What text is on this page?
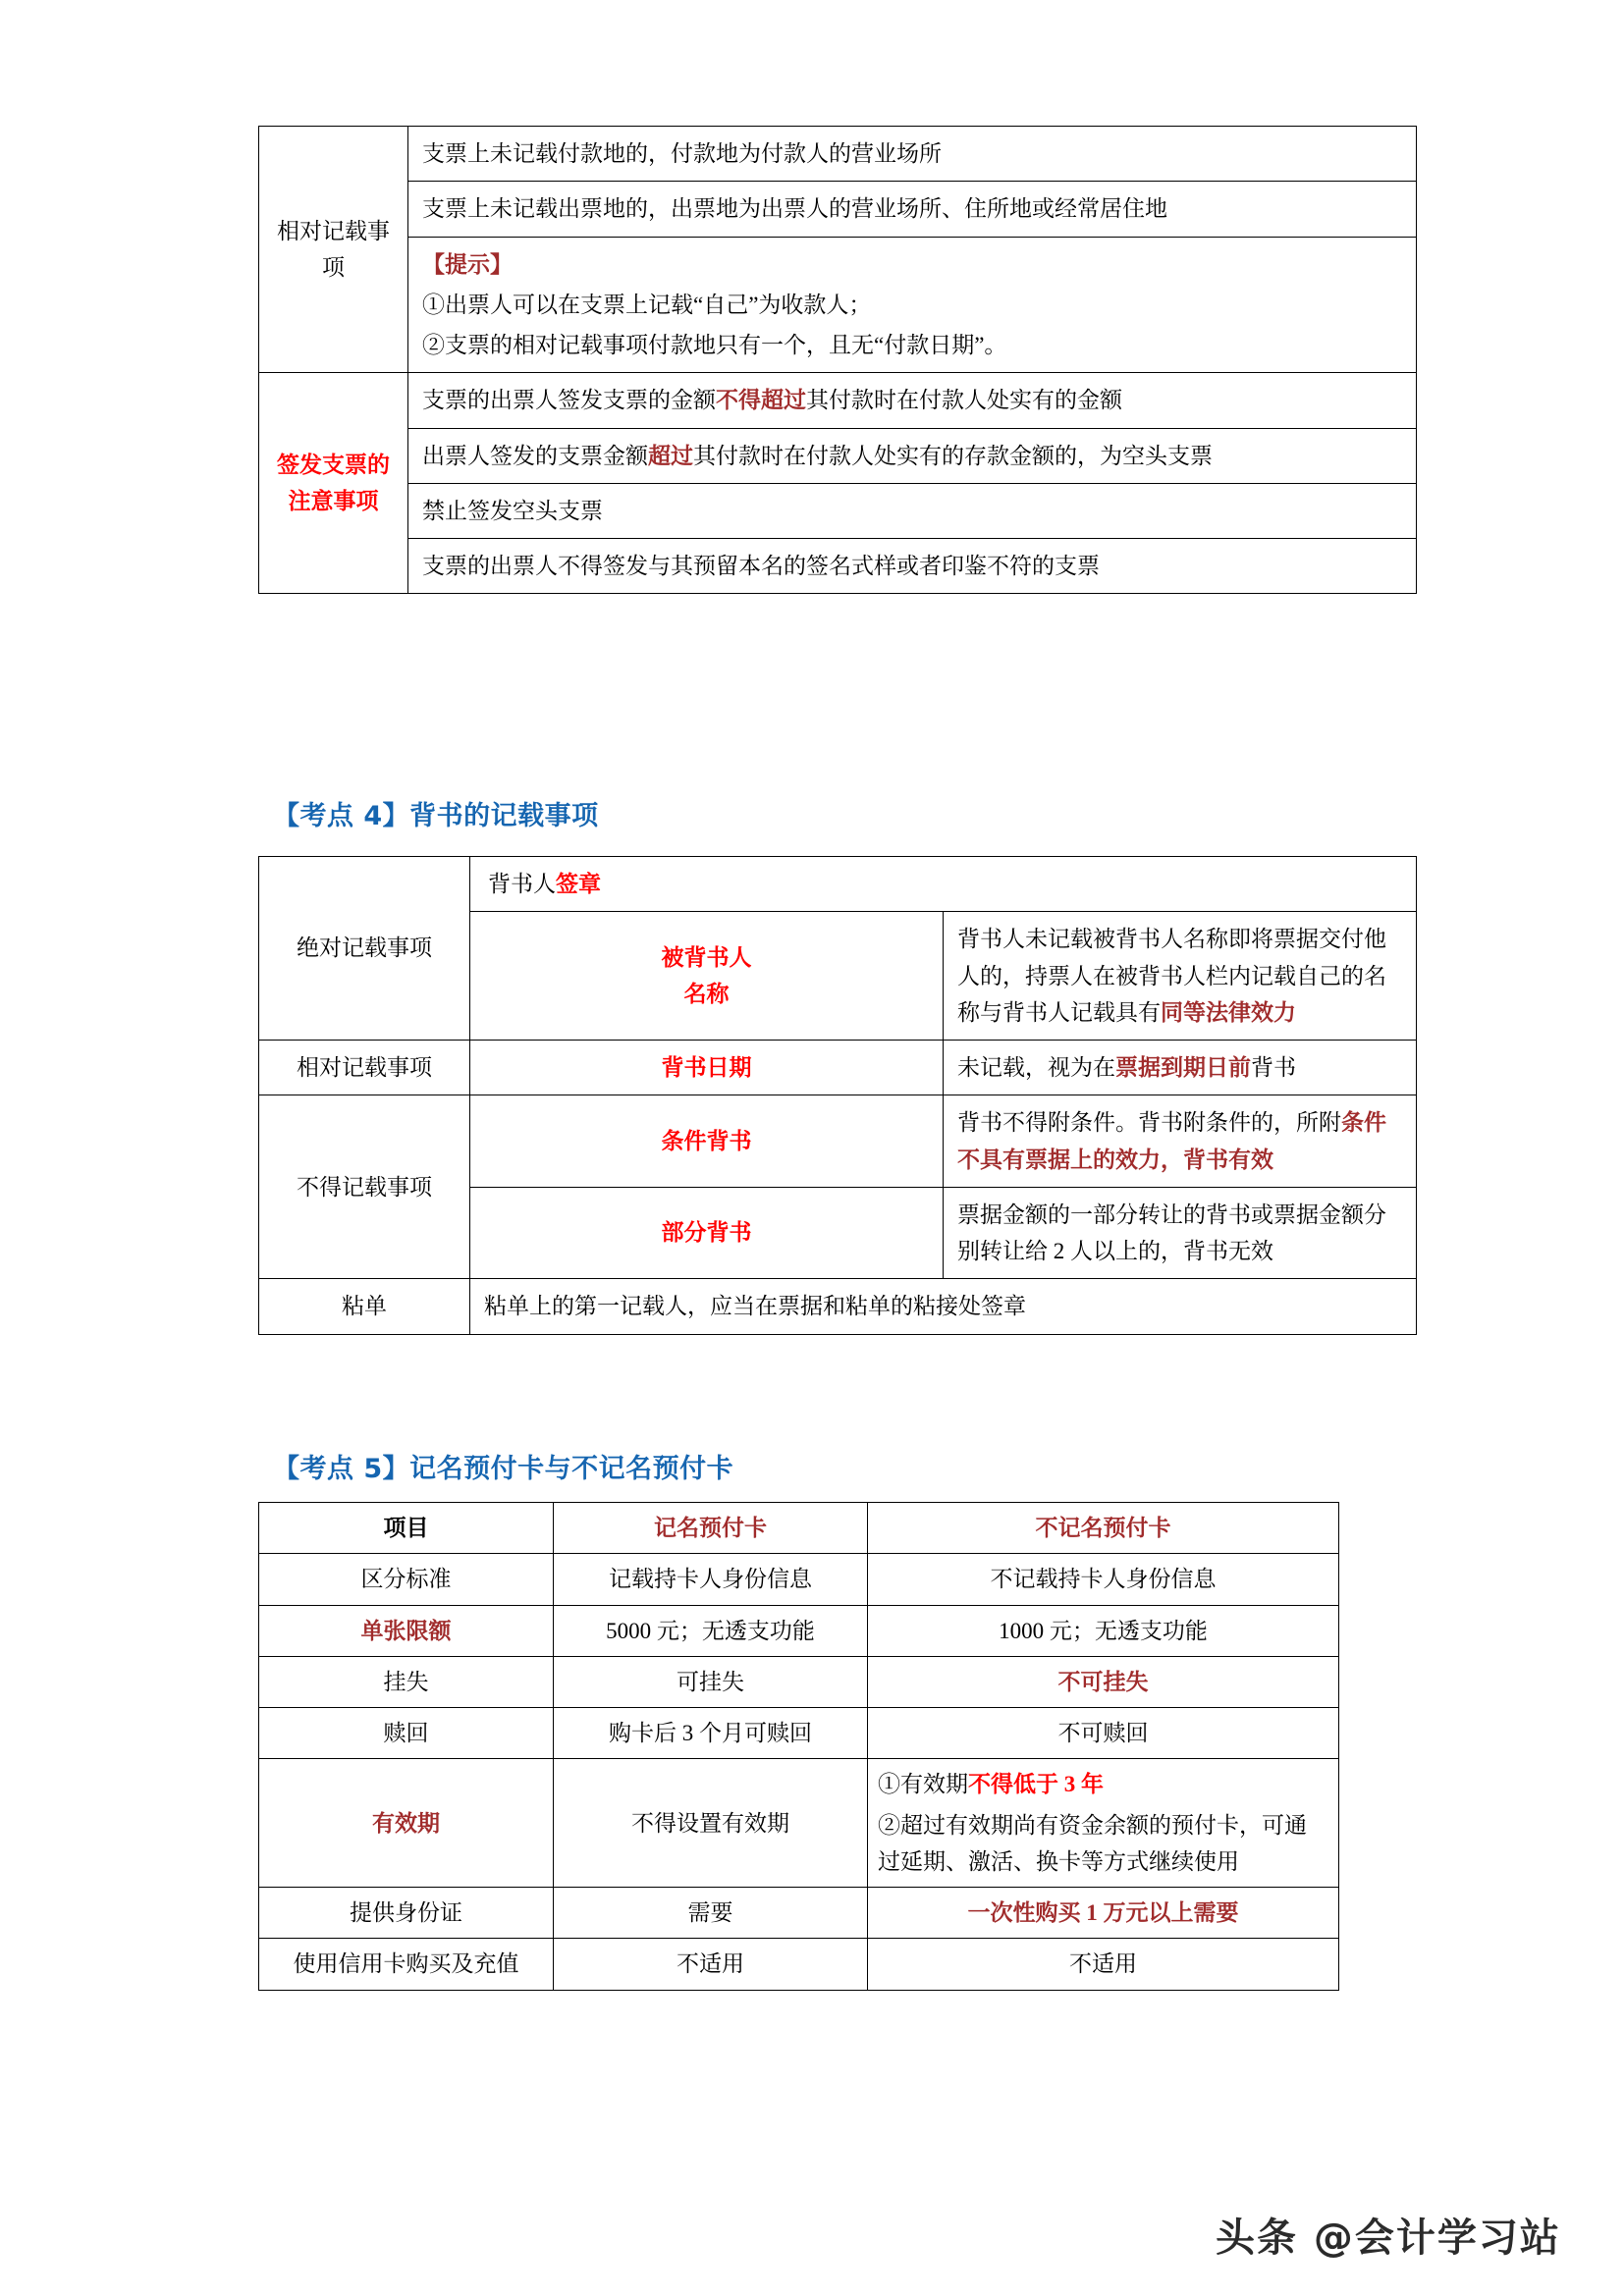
相对记载事项	支票上未记载付款地的，付款地为付款人的营业场所
	支票上未记载出票地的，出票地为出票人的营业场所、住所地或经常居住地

	【提示】

①出票人可以在支票上记载“自己”为收款人；

②支票的相对记载事项付款地只有一个，且无“付款日期”。

签发支票的
注意事项	支票的出票人签发支票的金额不得超过其付款时在付款人处实有的金额
	出票人签发的支票金额超过其付款时在付款人处实有的存款金额的，为空头支票
	禁止签发空头支票
	支票的出票人不得签发与其预留本名的签名式样或者印鉴不符的支票
【考点 4】背书的记载事项
绝对记载事项	背书人签章	

	被背书人
名称	背书人未记载被背书人名称即将票据交付他人的，持票人在被背书人栏内记载自己的名称与背书人记载具有同等法律效力
相对记载事项	背书日期	未记载，视为在票据到期日前背书
不得记载事项	条件背书	背书不得附条件。背书附条件的，所附条件不具有票据上的效力，背书有效
	部分背书	票据金额的一部分转让的背书或票据金额分别转让给 2 人以上的，背书无效
粘单	粘单上的第一记载人，应当在票据和粘单的粘接处签章	
【考点 5】记名预付卡与不记名预付卡
项目	记名预付卡	不记名预付卡
区分标准	记载持卡人身份信息	不记载持卡人身份信息
单张限额	5000 元；无透支功能	1000 元；无透支功能
挂失	可挂失	不可挂失
赎回	购卡后 3 个月可赎回	不可赎回
有效期	不得设置有效期	①有效期不得低于 3 年

②超过有效期尚有资金余额的预付卡，可通过延期、激活、换卡等方式继续使用

提供身份证	需要	一次性购买 1 万元以上需要
使用信用卡购买及充值	不适用	不适用
头条 @会计学习站
